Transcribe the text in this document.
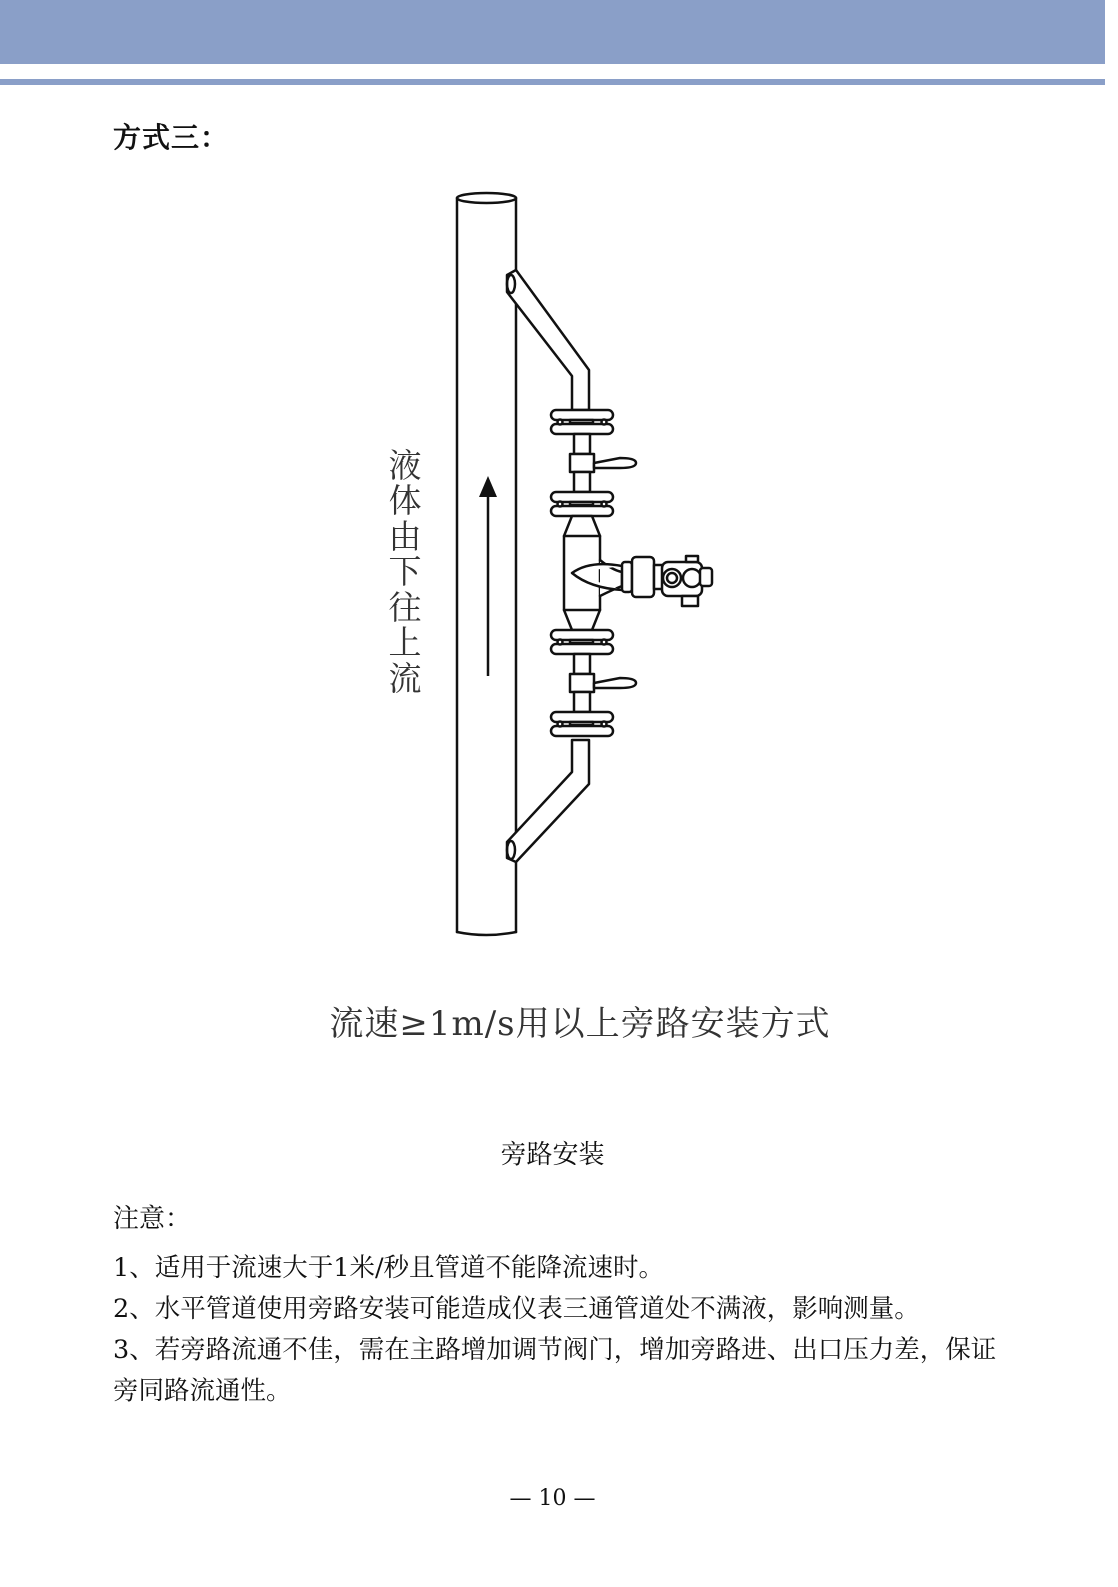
方式三：
液
体
由
下
往
上
流
流速≥1m/s用以上旁路安装方式
旁路安装
注意：

1、适用于流速大于1米/秒且管道不能降流速时。

2、水平管道使用旁路安装可能造成仪表三通管道处不满液，影响测量。

3、若旁路流通不佳，需在主路增加调节阀门，增加旁路进、出口压力差，保证旁同路流通性。

— 10 —
